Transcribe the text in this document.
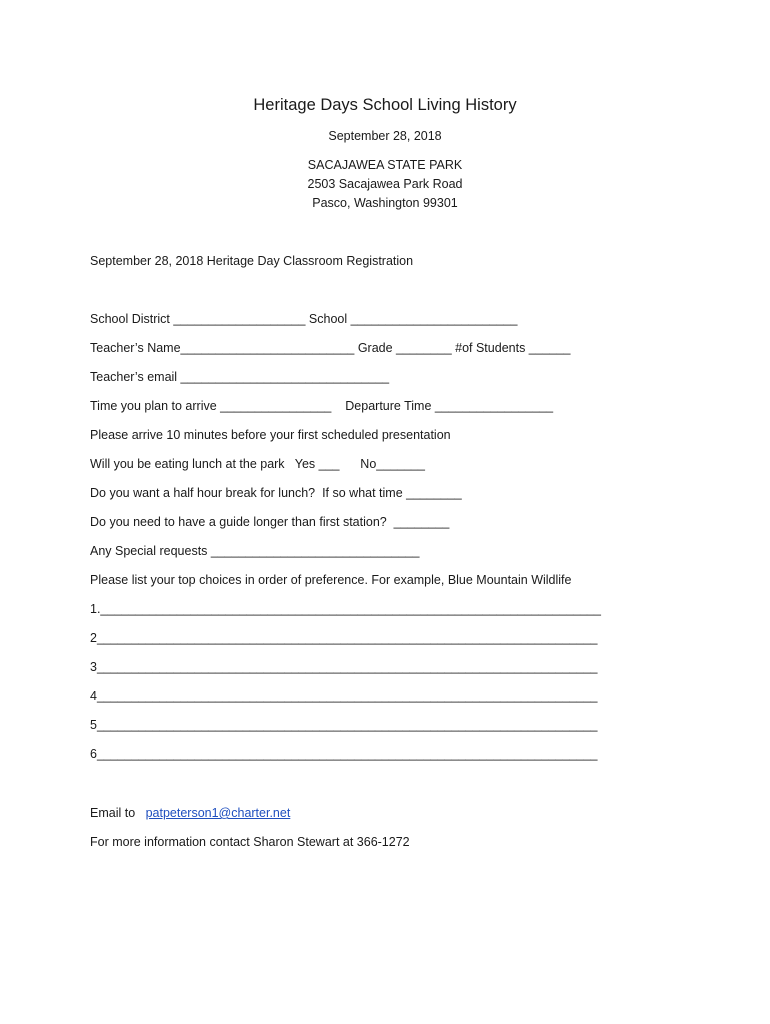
Heritage Days School Living History
September 28, 2018
SACAJAWEA STATE PARK
2503 Sacajawea Park Road
Pasco, Washington 99301
September 28, 2018 Heritage Day Classroom Registration
School District ___________________ School ________________________
Teacher’s Name_________________________ Grade ________ #of Students ______
Teacher’s email ______________________________
Time you plan to arrive ________________    Departure Time _________________
Please arrive 10 minutes before your first scheduled presentation
Will you be eating lunch at the park   Yes ___      No_______
Do you want a half hour break for lunch?  If so what time ________
Do you need to have a guide longer than first station?  ________
Any Special requests ______________________________
Please list your top choices in order of preference. For example, Blue Mountain Wildlife
1.________________________________________________________________________
2________________________________________________________________________
3________________________________________________________________________
4________________________________________________________________________
5________________________________________________________________________
6________________________________________________________________________
Email to patpeterson1@charter.net
For more information contact Sharon Stewart at 366-1272
